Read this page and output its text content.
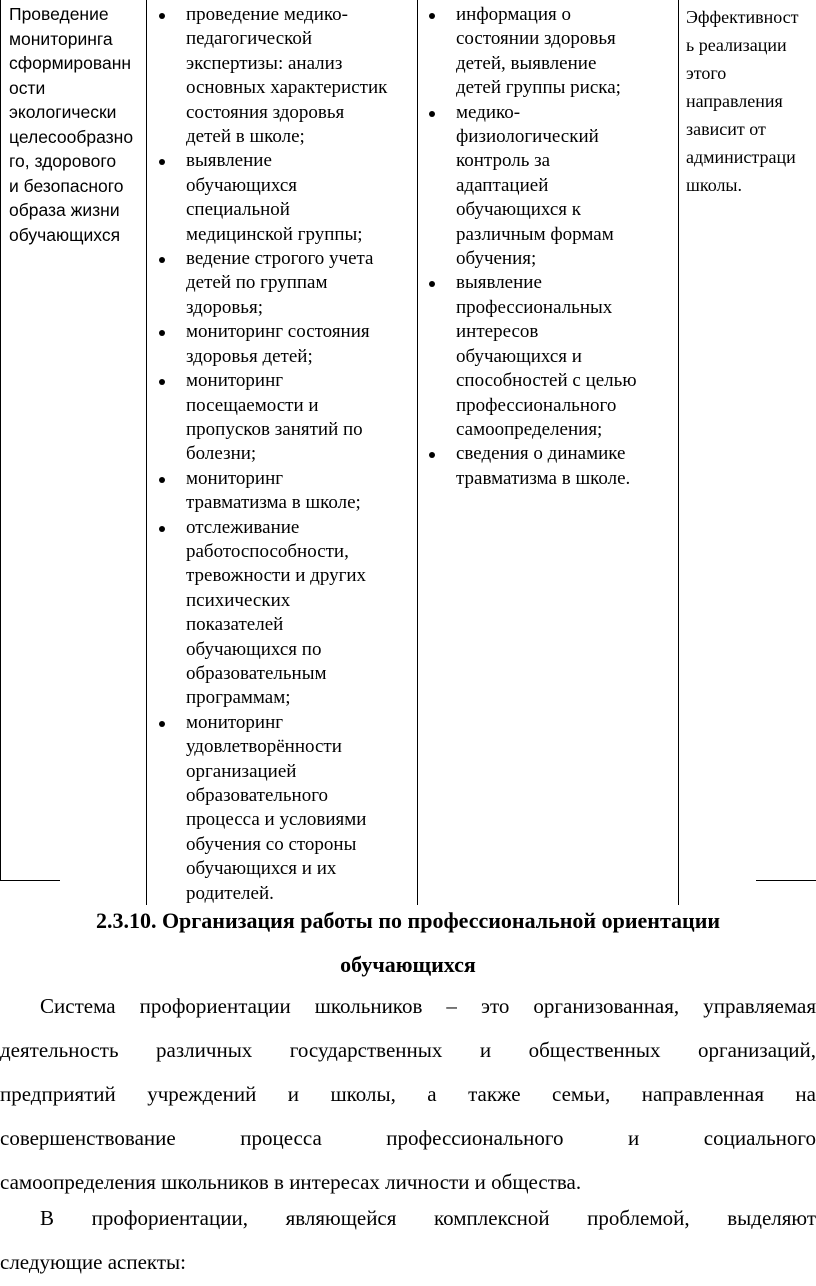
Проведение
мониторинга
сформированн
ости
экологически
целесообразно
го, здорового
и безопасного
образа жизни
обучающихся
проведение медико-
педагогической
экспертизы: анализ
основных характеристик
состояния здоровья
детей в школе;
выявление
обучающихся
специальной
медицинской группы;
ведение строгого учета
детей по группам
здоровья;
мониторинг состояния
здоровья детей;
мониторинг
посещаемости и
пропусков занятий по
болезни;
мониторинг
травматизма в школе;
отслеживание
работоспособности,
тревожности и других
психических
показателей
обучающихся по
образовательным
программам;
мониторинг
удовлетворённости
организацией
образовательного
процесса и условиями
обучения со стороны
обучающихся и их
родителей.
информация о
состоянии здоровья
детей, выявление
детей группы риска;
медико-
физиологический
контроль за
адаптацией
обучающихся к
различным формам
обучения;
выявление
профессиональных
интересов
обучающихся и
способностей с целью
профессионального
самоопределения;
сведения о динамике
травматизма в школе.
Эффективност
ь реализации
этого
направления
зависит от
администраци
школы.
2.3.10. Организация работы по профессиональной ориентации
обучающихся
Система профориентации школьников – это организованная, управляемая
деятельность различных государственных и общественных организаций,
предприятий учреждений и школы, а также семьи, направленная на
совершенствование процесса профессионального и социального
самоопределения школьников в интересах личности и общества.
В профориентации, являющейся комплексной проблемой, выделяют
следующие аспекты:
